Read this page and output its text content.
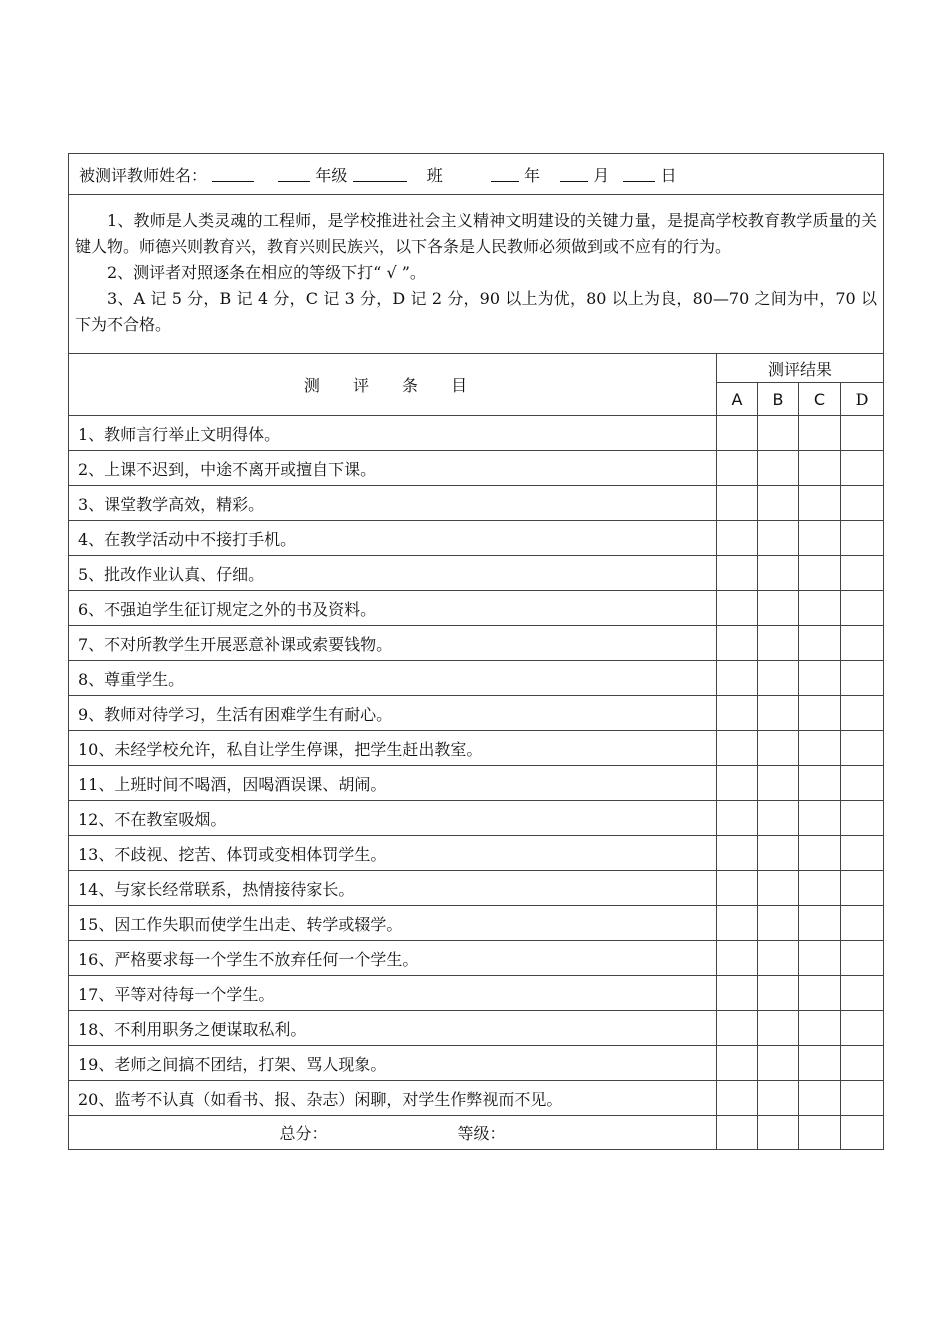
被测评教师姓名： 年级 班 年 月 日				

1、教师是人类灵魂的工程师，是学校推进社会主义精神文明建设的关键力量，是提高学校教育教学质量的关键人物。师德兴则教育兴，教育兴则民族兴，以下各条是人民教师必须做到或不应有的行为。

2、测评者对照逐条在相应的等级下打“ √ ”。

3、A 记 5 分，B 记 4 分，C 记 3 分，D 记 2 分，90 以上为优，80 以上为良，80—70 之间为中，70 以下为不合格。				

测 评 条 目	测评结果			
	A	B	C	D
1、教师言行举止文明得体。				
2、上课不迟到，中途不离开或擅自下课。				
3、课堂教学高效，精彩。				
4、在教学活动中不接打手机。				
5、批改作业认真、仔细。				
6、不强迫学生征订规定之外的书及资料。				
7、不对所教学生开展恶意补课或索要钱物。				
8、尊重学生。				
9、教师对待学习，生活有困难学生有耐心。				
10、未经学校允许，私自让学生停课，把学生赶出教室。				
11、上班时间不喝酒，因喝酒误课、胡闹。				
12、不在教室吸烟。				
13、不歧视、挖苦、体罚或变相体罚学生。				
14、与家长经常联系，热情接待家长。				
15、因工作失职而使学生出走、转学或辍学。				
16、严格要求每一个学生不放弃任何一个学生。				
17、平等对待每一个学生。				
18、不利用职务之便谋取私利。				
19、老师之间搞不团结，打架、骂人现象。				
20、监考不认真（如看书、报、杂志）闲聊，对学生作弊视而不见。				
总分： 等级：				
